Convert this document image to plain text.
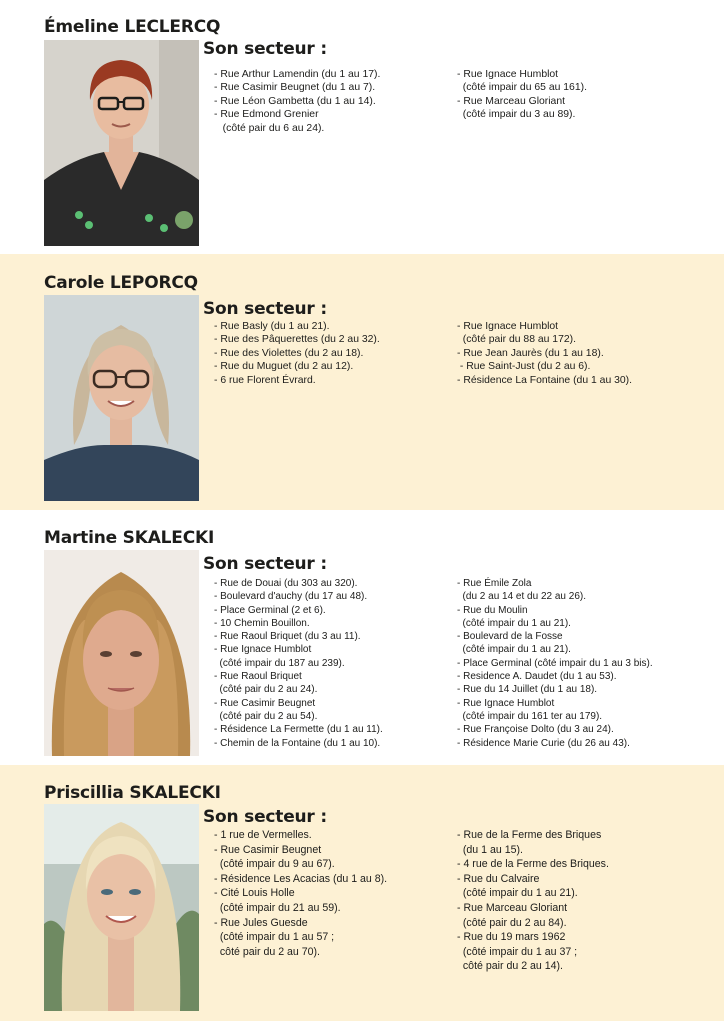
Émeline LECLERCQ
Son secteur :
- Rue Arthur Lamendin (du 1 au 17).
- Rue Casimir Beugnet (du 1 au 7).
- Rue Léon Gambetta (du 1 au 14).
- Rue Edmond Grenier
(côté pair du 6 au 24).
- Rue Ignace Humblot
(côté impair du 65 au 161).
- Rue Marceau Gloriant
(côté impair du 3 au 89).
Carole LEPORCQ
Son secteur :
- Rue Basly (du 1 au 21).
- Rue des Pâquerettes (du 2 au 32).
- Rue des Violettes (du 2 au 18).
- Rue du Muguet (du 2 au 12).
- 6 rue Florent Évrard.
- Rue Ignace Humblot
(côté pair du 88 au 172).
- Rue Jean Jaurès (du 1 au 18).
- Rue Saint-Just (du 2 au 6).
- Résidence La Fontaine (du 1 au 30).
Martine SKALECKI
Son secteur :
- Rue de Douai (du 303 au 320).
- Boulevard d'auchy (du 17 au 48).
- Place Germinal (2 et 6).
- 10 Chemin Bouillon.
- Rue Raoul Briquet (du 3 au 11).
- Rue Ignace Humblot
(côté impair du 187 au 239).
- Rue Raoul Briquet
(côté pair du 2 au 24).
- Rue Casimir Beugnet
(côté pair du 2 au 54).
- Résidence La Fermette (du 1 au 11).
- Chemin de la Fontaine (du 1 au 10).
- Rue Émile Zola
(du 2 au 14 et du 22 au 26).
- Rue du Moulin
(côté impair du 1 au 21).
- Boulevard de la Fosse
(côté impair du 1 au 21).
- Place Germinal (côté impair du 1 au 3 bis).
- Residence A. Daudet (du 1 au 53).
- Rue du 14 Juillet (du 1 au 18).
- Rue Ignace Humblot
(côté impair du 161 ter au 179).
- Rue Françoise Dolto (du 3 au 24).
- Résidence Marie Curie (du 26 au 43).
Priscillia SKALECKI
Son secteur :
- 1 rue de Vermelles.
- Rue Casimir Beugnet
(côté impair du 9 au 67).
- Résidence Les Acacias (du 1 au 8).
- Cité Louis Holle
(côté impair du 21 au 59).
- Rue Jules Guesde
(côté impair du 1 au 57 ;
côté pair du 2 au 70).
- Rue de la Ferme des Briques
(du 1 au 15).
- 4 rue de la Ferme des Briques.
- Rue du Calvaire
(côté impair du 1 au 21).
- Rue Marceau Gloriant
(côté pair du 2 au 84).
- Rue du 19 mars 1962
(côté impair du 1 au 37 ;
côté pair du 2 au 14).
